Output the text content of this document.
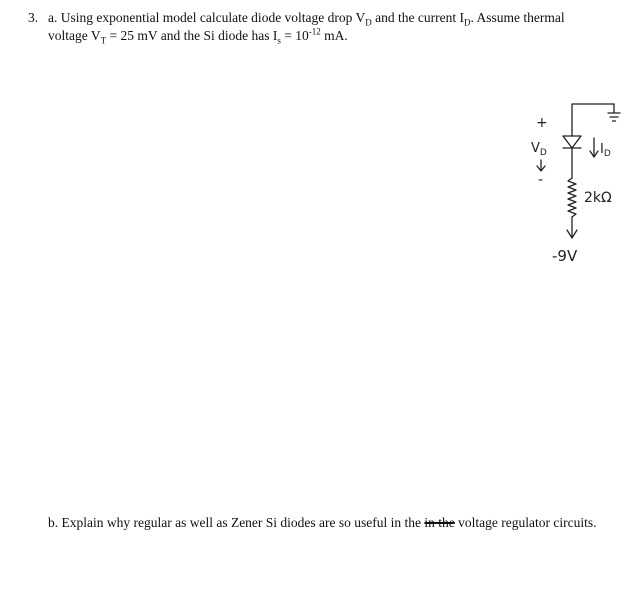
3. a. Using exponential model calculate diode voltage drop $V_D$ and the current $I_D$. Assume thermal
voltage $V_T = 25$ mV and the Si diode has $I_s = 10^{-12}$ mA.
b. Explain why regular as well as Zener Si diodes are so useful in the in the voltage regulator circuits.
+
$V_D$
-
$I_D$
2kΩ
-9V
